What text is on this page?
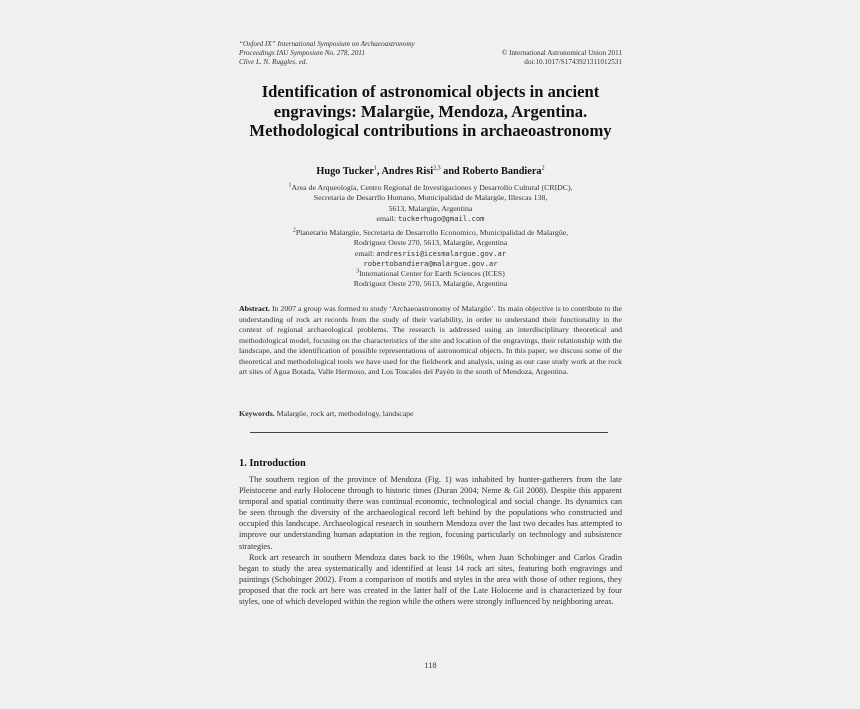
“Oxford IX” International Symposium on Archaeoastronomy
Proceedings IAU Symposium No. 278, 2011
Clive L. N. Ruggles, ed.
© International Astronomical Union 2011
doi:10.1017/S1743921311012531
Identification of astronomical objects in ancient engravings: Malargüe, Mendoza, Argentina. Methodological contributions in archaeoastronomy
Hugo Tucker$^1$, Andres Risi$^{2,3}$ and Roberto Bandiera$^2$
$^1$Area de Arqueología, Centro Regional de Investigaciones y Desarrollo Cultural (CRIDC),
Secretaria de Desarrllo Humano, Municipalidad de Malargüe, Illescas 138,
5613, Malargüe, Argentina
email: tuckerhugo@gmail.com
$^2$Planetario Malargüe, Secretaria de Desarrollo Economico, Municipalidad de Malargüe,
Rodriguez Oeste 270, 5613, Malargüe, Argentina
email: andresrisi@icesmalargue.gov.ar
robertobandiera@malargue.gov.ar
$^3$International Center for Earth Sciences (ICES)
Rodriguez Oeste 270, 5613, Malargüe, Argentina
Abstract. In 2007 a group was formed to study ‘Archaeoastronomy of Malargüe’. Its main objective is to contribute to the understanding of rock art records from the study of their variability, in order to understand their functionality in the context of regional archaeological problems. The research is addressed using an interdisciplinary theoretical and methodological model, focusing on the characteristics of the site and location of the engravings, their relationship with the landscape, and the identification of possible representations of astronomical objects. In this paper, we discuss some of the theoretical and methodological tools we have used for the fieldwork and analysis, using as our case study work at the rock art sites of Agua Botada, Valle Hermoso, and Los Toscales del Payén in the south of Mendoza, Argentina.
Keywords. Malargüe, rock art, methodology, landscape
1. Introduction

The southern region of the province of Mendoza (Fig. 1) was inhabited by hunter-gatherers from the late Pleistocene and early Holocene through to historic times (Duran 2004; Neme & Gil 2008). Despite this apparent temporal and spatial continuity there was continual economic, technological and social change. Its dynamics can be seen through the diversity of the archaeological record left behind by the populations who constructed and occupied this landscape. Archaeological research in southern Mendoza over the last two decades has attempted to improve our understanding human adaptation in the region, focusing particularly on technology and subsistence strategies.

Rock art research in southern Mendoza dates back to the 1960s, when Juan Schobinger and Carlos Gradin began to study the area systematically and identified at least 14 rock art sites, featuring both engravings and paintings (Schobinger 2002). From a comparison of motifs and styles in the area with those of other regions, they proposed that the rock art here was created in the latter half of the Late Holocene and is characterized by four styles, one of which developed within the region while the others were strongly influenced by neighboring areas.

118
